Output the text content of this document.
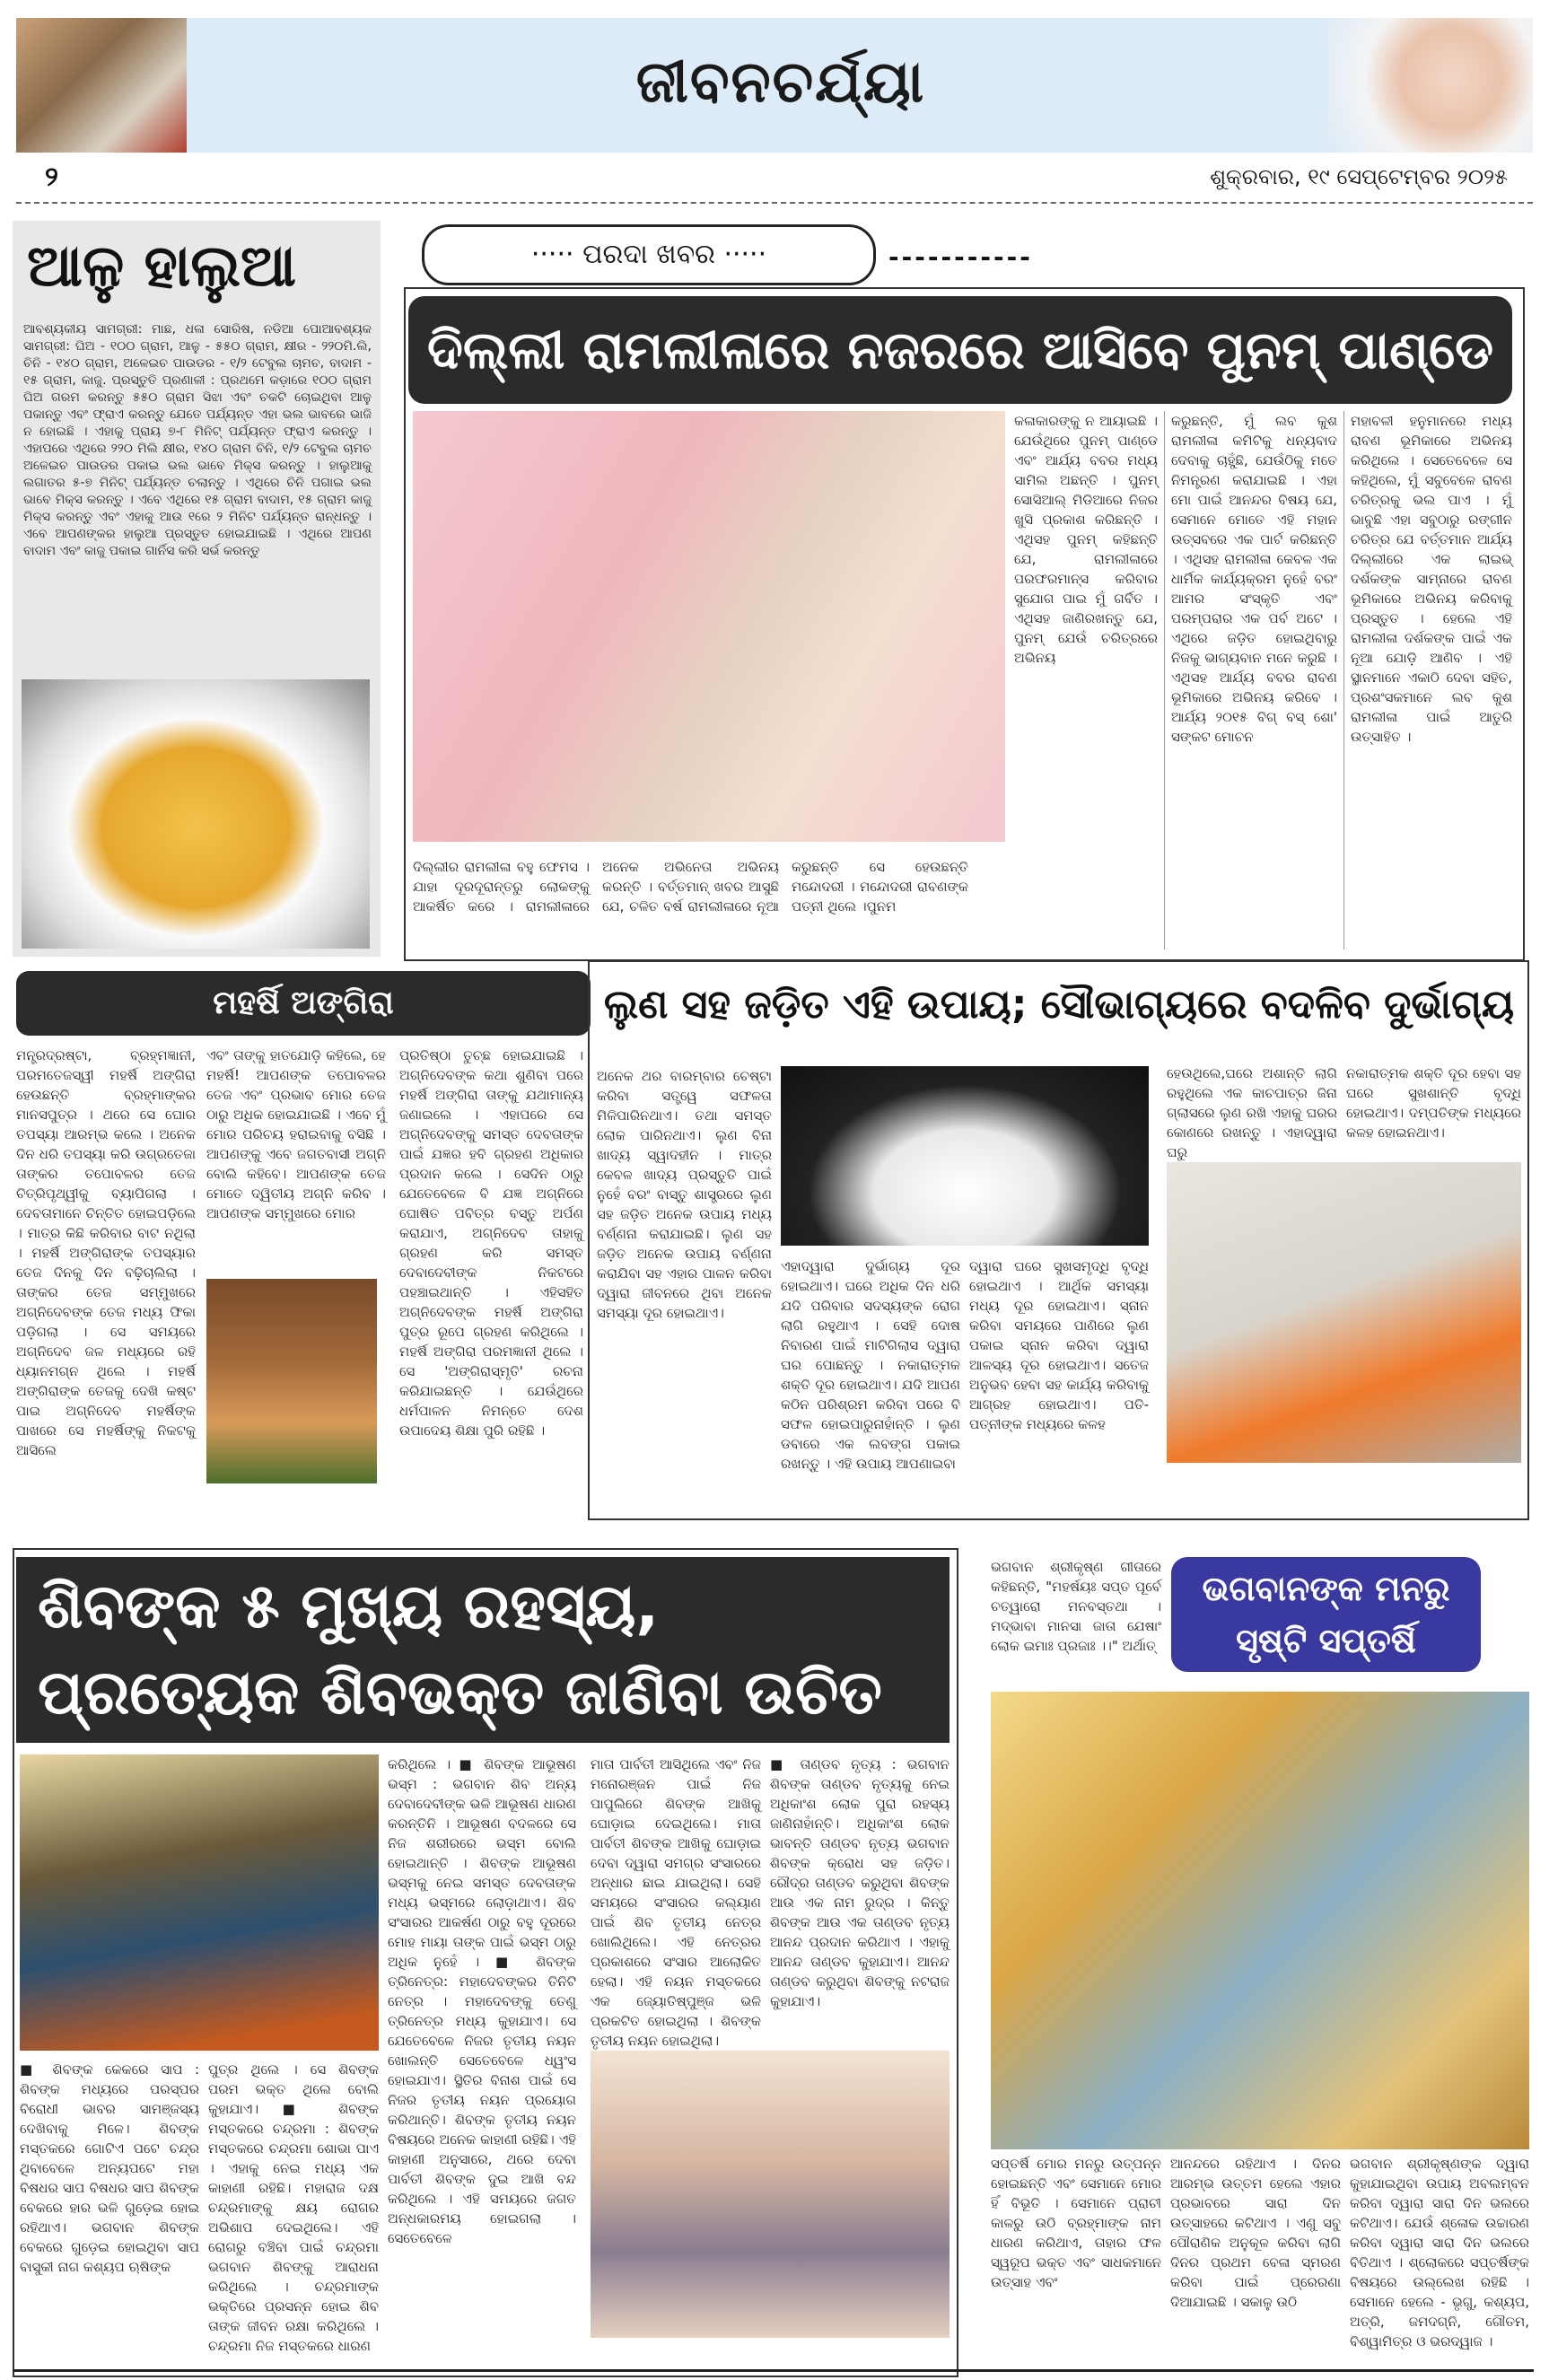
ଜୀବନଚର୍ଯ୍ୟା
୨	ଶୁକ୍ରବାର, ୧୯ ସେପ୍ଟେମ୍ବର ୨୦୨୫
ଆଳୁ ହାଲୁଆ
ଆବଶ୍ୟକୀୟ ସାମଗ୍ରୀ: ମାଛ, ଧଳା ସୋରିଷ, ନଡିଆ ପୋଆବଶ୍ୟକ ସାମଗ୍ରୀ: ଘିଅ - ୧୦୦ ଗ୍ରାମ, ଆଳୁ - ୫୫୦ ଗ୍ରାମ, କ୍ଷୀର - ୨୨୦ମି.ଲି, ଚିନି - ୧୪୦ ଗ୍ରାମ, ଅଳେଇଚ ପାଉଡର - ୧/୨ ଟେବୁଲ ଚାମଚ, ବାଦାମ - ୧୫ ଗ୍ରାମ, କାଜୁ. ପ୍ରସ୍ତୁତି ପ୍ରଣାଳୀ : ପ୍ରଥମେ କଡ଼ାରେ ୧୦୦ ଗ୍ରାମ ଘିଅ ଗରମ କରନ୍ତୁ ୫୫୦ ଗ୍ରାମ ସିଝା ଏବଂ ଚକଟି ଚୋଇଥିବା ଆଳୁ ପକାନ୍ତୁ ଏବଂ ଫ୍ରାଏ କରନ୍ତୁ ଯେତେ ପର୍ଯ୍ୟନ୍ତ ଏହା ଭଲ ଭାବରେ ଭାଜି ନ ହୋଇଛି । ଏହାକୁ ପ୍ରାୟ ୭-୮ ମିନିଟ୍ ପର୍ଯ୍ୟନ୍ତ ଫ୍ରାଏ କରନ୍ତୁ । ଏହାପରେ ଏଥିରେ ୨୨୦ ମିଲି କ୍ଷୀର, ୧୪୦ ଗ୍ରାମ ଚିନି, ୧/୨ ଟେବୁଲ ଚାମଚ ଅଳେଇଚ ପାଉଡର ପକାଇ ଭଲ ଭାବେ ମିକ୍ସ କରନ୍ତୁ । ହାଲୁଆକୁ ଲଗାତର ୫-୭ ମିନିଟ୍ ପର୍ଯ୍ୟନ୍ତ ଚଲାନ୍ତୁ । ଏଥିରେ ଚିନି ପଗାଇ ଭଲ ଭାବେ ମିକ୍ସ କରନ୍ତୁ । ଏବେ ଏଥିରେ ୧୫ ଗ୍ରାମ ବାଦାମ, ୧୫ ଗ୍ରାମ କାଜୁ ମିକ୍ସ କରନ୍ତୁ ଏବଂ ଏହାକୁ ଆଉ ୧ରେ ୨ ମିନିଟ ପର୍ଯ୍ୟନ୍ତ ରାନ୍ଧନ୍ତୁ । ଏବେ ଆପଣଙ୍କର ହାଲୁଆ ପ୍ରସ୍ତୁତ ହୋଇଯାଇଛି । ଏଥିରେ ଆପଣ ବାଦାମ ଏବଂ କାଜୁ ପକାଇ ଗାର୍ନିସ କରି ସର୍ଭ କରନ୍ତୁ
····· ପରଦା ଖବର ·····	-----------
ଦିଲ୍ଲୀ ରାମଲୀଳାରେ ନଜରରେ ଆସିବେ ପୁନମ୍ ପାଣ୍ଡେ
କଳାକାରଙ୍କୁ ନ ଆୟାଇଛି । ଯେଉଁଥିରେ ପୁନମ୍ ପାଣ୍ଡେ ଏବଂ ଆର୍ଯ୍ୟ ବବର ମଧ୍ୟ ସାମିଲ ଅଛନ୍ତି । ପୁନମ୍ ସୋସିଆଲ୍ ମିଡିଆରେ ନିଜର ଖୁସି ପ୍ରକାଶ କରିଛନ୍ତି । ଏଥିସହ ପୁନମ୍ କହିଛନ୍ତି ଯେ, ରାମଲୀଳାରେ ପରଫରମାନ୍ସ କରିବାର ସୁଯୋଗ ପାଇ ମୁଁ ଗର୍ବିତ । ଏଥିସହ ଜାଣିରଖନ୍ତୁ ଯେ, ପୁନମ୍ ଯେଉଁ ଚରିତ୍ରରେ ଅଭିନୟ
କରୁଛନ୍ତି, ମୁଁ ଲବ କୁଶ ରାମଲୀଳା କମିଟିକୁ ଧନ୍ୟବାଦ ଦେବାକୁ ଚାହୁଁଛି, ଯେଉଁଠିକୁ ମତେ ନିମନ୍ତ୍ରଣ କରାଯାଇଛି । ଏହା ମୋ ପାଇଁ ଆନନ୍ଦର ବିଷୟ ଯେ, ସେମାନେ ମୋତେ ଏହି ମହାନ ଉତ୍ସବରେ ଏକ ପାର୍ଟ କରିଛନ୍ତି । ଏଥିସହ ରାମଲୀଳା କେବଳ ଏକ ଧାର୍ମିକ କାର୍ଯ୍ୟକ୍ରମ ନୁହେଁ ବରଂ ଆମର ସଂସ୍କୃତି ଏବଂ ପରମ୍ପରାର ଏକ ପର୍ବ ଅଟେ । ଏଥିରେ ଜଡ଼ିତ ହୋଇଥିବାରୁ ନିଜକୁ ଭାଗ୍ୟବାନ ମନେ କରୁଛି । ଏଥିସହ ଆର୍ଯ୍ୟ ବବର ରାବଣ ଭୂମିକାରେ ଅଭିନୟ କରିବେ । ଆର୍ଯ୍ୟ ୨୦୧୫ ବିଗ୍ ବସ୍ ଶୋ' ସଙ୍କଟ ମୋଚନ
ମହାବଳୀ ହନୁମାନରେ ମଧ୍ୟ ରାବଣ ଭୂମିକାରେ ଅଭିନୟ କରିଥିଲେ । ସେତେବେଳେ ସେ କହିଥିଲେ, ମୁଁ ସବୁବେଳେ ରାବଣ ଚରିତ୍ରକୁ ଭଲ ପାଏ । ମୁଁ ଭାବୁଛି ଏହା ସବୁଠାରୁ ରଙ୍ଗୀନ ଚରିତ୍ର ଯେ ବର୍ତ୍ତମାନ ଆର୍ଯ୍ୟ ଦିଲ୍ଲୀରେ ଏକ ଲାଇଭ୍ ଦର୍ଶକଙ୍କ ସାମ୍ନାରେ ରାବଣ ଭୂମିକାରେ ଅଭିନୟ କରିବାକୁ ପ୍ରସ୍ତୁତ । ହେଲେ ଏହି ରାମଲୀଳା ଦର୍ଶକଙ୍କ ପାଇଁ ଏକ ନୂଆ ଯୋଡ଼ି ଆଣିବ । ଏହି ସ୍ଥାନମାନେ ଏକାଠି ଦେବା ସହିତ, ପ୍ରଶଂସକମାନେ ଲବ କୁଶ ରାମଲୀଳା ପାଇଁ ଆତୁରି ଉତ୍ସାହିତ ।
ଦିଲ୍ଲୀର ରାମଲୀଳା ବହୁ ଫେମସ । ଯାହା ଦୂରଦୂରାନ୍ତରୁ ଲୋକଙ୍କୁ ଆକର୍ଷିତ କରେ । ରାମଲୀଳାରେ ଅନେକ ଅଭିନେତା ଅଭିନୟ କରନ୍ତି । ବର୍ତ୍ତମାନ୍ ଖବର ଆସୁଛି ଯେ, ଚଳିତ ବର୍ଷ ରାମଲୀଳାରେ ନୂଆ କରୁଛନ୍ତି ସେ ହେଉଛନ୍ତି ମନ୍ଦୋଦରୀ । ମନ୍ଦୋଦରୀ ରାବଣଙ୍କ ପତ୍ନୀ ଥିଲେ ।ପୁନମ
ମହର୍ଷି ଅଙ୍ଗିରା
ମନ୍ତ୍ରଦ୍ରଷ୍ଟା, ବ୍ରହ୍ମଜ୍ଞାନୀ, ପରମତେଜସ୍ୱୀ ମହର୍ଷି ଅଙ୍ଗିରା ହେଉଛନ୍ତି ବ୍ରହ୍ମାଙ୍କର ମାନସପୁତ୍ର । ଥରେ ସେ ଘୋର ତପସ୍ୟା ଆରମ୍ଭ କଲେ । ଅନେକ ଦିନ ଧରି ତପସ୍ୟା କରି ଉଗ୍ରତେଜା ତାଙ୍କର ତପୋବଳର ତେଜ ଚିତ୍ରିପୃଥ୍ୱୀକୁ ବ୍ୟାପିଗଲା । ଦେବତାମାନେ ଚିନ୍ତିତ ହୋଇପଡ଼ିଲେ । ମାତ୍ର କିଛି କରିବାର ବାଟ ନଥିଲା । ମହର୍ଷି ଅଙ୍ଗିରାଙ୍କ ତପସ୍ୟାର ତେଜ ଦିନକୁ ଦିନ ବଢ଼ିଚାଲିଲା । ତାଙ୍କର ତେଜ ସମ୍ମୁଖରେ ଅଗ୍ନିଦେବଙ୍କ ତେଜ ମଧ୍ୟ ଫିକା ପଡ଼ିଗଲା । ସେ ସମୟରେ ଅଗ୍ନିଦେବ ଜଳ ମଧ୍ୟରେ ରହି ଧ୍ୟାନମଗ୍ନ ଥିଲେ । ମହର୍ଷି ଅଙ୍ଗିରାଙ୍କ ତେଜକୁ ଦେଖି କଷ୍ଟ ପାଇ ଅଗ୍ନିଦେବ ମହର୍ଷିଙ୍କ ପାଖରେ ସେ ମହର୍ଷିଙ୍କୁ ନିକଟକୁ ଆସିଲେ
ଏବଂ ତାଙ୍କୁ ହାତଯୋଡ଼ି କହିଲେ, ହେ ମହର୍ଷି! ଆପଣଙ୍କ ତପୋବଳର ତେଜ ଏବଂ ପ୍ରଭାବ ମୋର ତେଜ ଠାରୁ ଅଧିକ ହୋଇଯାଇଛି । ଏବେ ମୁଁ ମୋର ପରିଚୟ ହରାଇବାକୁ ବସିଛି । ଆପଣଙ୍କୁ ଏବେ ଜଗତବାସୀ ଅଗ୍ନି ବୋଲି କହିବେ। ଆପଣଙ୍କ ତେଜ ମୋତେ ଦ୍ୱିତୀୟ ଅଗ୍ନି କରିବ । ଆପଣଙ୍କ ସମ୍ମୁଖରେ ମୋର
ପ୍ରତିଷ୍ଠା ତୁଚ୍ଛ ହୋଇଯାଇଛି । ଅଗ୍ନିଦେବଙ୍କ କଥା ଶୁଣିବା ପରେ ମହର୍ଷି ଅଙ୍ଗିରା ତାଙ୍କୁ ଯଥାମାନ୍ୟ ଜଣାଇଲେ । ଏହାପରେ ସେ ଅଗ୍ନିଦେବଙ୍କୁ ସମସ୍ତ ଦେବତାଙ୍କ ପାଇଁ ଯଜ୍ଞର ହବି ଗ୍ରହଣ ଅଧିକାର ପ୍ରଦାନ କଲେ । ସେଦିନ ଠାରୁ ଯେତେବେଳେ ବି ଯଜ୍ଞ ଅଗ୍ନିରେ ଘୋଷିତ ପବିତ୍ର ବସ୍ତୁ ଅର୍ପଣ କରାଯାଏ, ଅଗ୍ନିଦେବ ତାହାକୁ ଗ୍ରହଣ କରି ସମସ୍ତ ଦେବାଦେବୀଙ୍କ ନିକଟରେ ପହଞ୍ଚାଇଥାନ୍ତି । ଏହିସହିତ ଅଗ୍ନିଦେବଙ୍କ ମହର୍ଷି ଅଙ୍ଗିରା ପୁତ୍ର ରୂପେ ଗ୍ରହଣ କରିଥିଲେ । ମହର୍ଷି ଅଙ୍ଗିରା ପରମଜ୍ଞାନୀ ଥିଲେ । ସେ 'ଅଙ୍ଗିରାସ୍ମୃତି' ରଚନା କରିଯାଇଛନ୍ତି । ଯେଉଁଥିରେ ଧର୍ମପାଳନ ନିମନ୍ତେ ଦେଶ ଉପାଦେୟ ଶିକ୍ଷା ପୁରି ରହିଛି ।
ଲୁଣ ସହ ଜଡ଼ିତ ଏହି ଉପାୟ; ସୌଭାଗ୍ୟରେ ବଦଳିବ ଦୁର୍ଭାଗ୍ୟ
ଅନେକ ଥର ବାରମ୍ବାର ଚେଷ୍ଟା କରିବା ସତ୍ତ୍ୱେ ସଫଳତା ମିଳିପାରିନଥାଏ। ତଥା ସମସ୍ତ ଲୋକ ପାରିନଥାଏ। ଲୁଣ ବିନା ଖାଦ୍ୟ ସ୍ୱାଦହୀନ । ମାତ୍ର କେବଳ ଖାଦ୍ୟ ପ୍ରସ୍ତୁତି ପାଇଁ ନୁହେଁ ବରଂ ବାସ୍ତୁ ଶାସ୍ତ୍ରରେ ଲୁଣ ସହ ଜଡ଼ିତ ଅନେକ ଉପାୟ ମଧ୍ୟ ବର୍ଣ୍ଣନା କରାଯାଇଛି। ଲୁଣ ସହ ଜଡ଼ିତ ଅନେକ ଉପାୟ ବର୍ଣ୍ଣନା କରାଯିବା ସହ ଏହାର ପାଳନ କରିବା ଦ୍ୱାରା ଜୀବନରେ ଥିବା ଅନେକ ସମସ୍ୟା ଦୂର ହୋଇଥାଏ।
ଏହାଦ୍ୱାରା ଦୁର୍ଭାଗ୍ୟ ଦୂର ହୋଇଥାଏ। ଘରେ ଅଧିକ ଦିନ ଧରି ଯଦି ପରିବାର ସଦସ୍ୟଙ୍କ ରୋଗ ଲାଗି ରହୁଥାଏ । ସେହି ଦୋଷ ନିବାରଣ ପାଇଁ ମାଟିଗିଲାସ ଦ୍ୱାରା ଘର ପୋଛନ୍ତୁ । ନକାରାତ୍ମକ ଶକ୍ତି ଦୂର ହୋଇଥାଏ। ଯଦି ଆପଣ କଠିନ ପରିଶ୍ରମ କରିବା ପରେ ବି ସଫଳ ହୋଇପାରୁନାହାଁନ୍ତି । ଲୁଣ ଡବାରେ ଏକ ଲବଙ୍ଗ ପକାଇ ରଖନ୍ତୁ । ଏହି ଉପାୟ ଆପଣାଇବା
ଦ୍ୱାରା ଘରେ ସୁଖସମୃଦ୍ଧି ବୃଦ୍ଧି ହୋଇଥାଏ । ଆର୍ଥିକ ସମସ୍ୟା ମଧ୍ୟ ଦୂର ହୋଇଥାଏ। ସ୍ନାନ କରିବା ସମୟରେ ପାଣିରେ ଲୁଣ ପକାଇ ସ୍ନାନ କରିବା ଦ୍ୱାରା ଆଳସ୍ୟ ଦୂର ହୋଇଥାଏ। ସତେଜ ଅନୁଭବ ହେବା ସହ କାର୍ଯ୍ୟ କରିବାକୁ ଆଗ୍ରହ ହୋଇଥାଏ। ପତି-ପତ୍ନୀଙ୍କ ମଧ୍ୟରେ କଳହ
ହେଉଥିଲେ,ଘରେ ଅଶାନ୍ତି ଲାଗି ରହୁଥିଲେ ଏକ କାଚପାତ୍ର ଜିନା ଗ୍ଲାସରେ ଲୁଣ ରଖି ଏହାକୁ ଘରର କୋଣରେ ରଖନ୍ତୁ । ଏହାଦ୍ୱାରା ଘରୁ
ନକାରାତ୍ମକ ଶକ୍ତି ଦୂର ହେବା ସହ ଘରେ ସୁଖଶାନ୍ତି ବୃଦ୍ଧି ହୋଇଥାଏ। ଦମ୍ପତିଙ୍କ ମଧ୍ୟରେ କଳହ ହୋଇନଥାଏ।
ଶିବଙ୍କ ୫ ମୁଖ୍ୟ ରହସ୍ୟ, ପ୍ରତ୍ୟେକ ଶିବଭକ୍ତ ଜାଣିବା ଉଚିତ
■ ଶିବଙ୍କ କେକରେ ସାପ : ଶିବଙ୍କ ମଧ୍ୟରେ ପରସ୍ପର ବିରୋଧୀ ଭାବର ସାମଞ୍ଜସ୍ୟ ଦେଖିବାକୁ ମିଳେ। ଶିବଙ୍କ ମସ୍ତକରେ ଗୋଟିଏ ପଟେ ଚନ୍ଦ୍ର ଥିବାବେଳେ ଅନ୍ୟପଟେ ମହା ବିଷଧର ସାପ ବିଷଧର ସାପ ଶିବଙ୍କ ବେକରେ ହାର ଭଳି ଗୁଡ଼େଇ ହୋଇ ରହିଥାଏ। ଭଗବାନ ଶିବଙ୍କ ବେକରେ ଗୁଡ଼େଇ ହୋଇଥିବା ସାପ ବାସୁକୀ ନାଗ କଶ୍ୟପ ଋଷିଙ୍କ
ପୁତ୍ର ଥିଲେ । ସେ ଶିବଙ୍କ ପରମ ଭକ୍ତ ଥିଲେ ବୋଲି କୁହାଯାଏ। ■ ଶିବଙ୍କ ମସ୍ତକରେ ଚନ୍ଦ୍ରମା : ଶିବଙ୍କ ମସ୍ତକରେ ଚନ୍ଦ୍ରମା ଶୋଭା ପାଏ । ଏହାକୁ ନେଇ ମଧ୍ୟ ଏକ କାହାଣୀ ରହିଛି। ମହାରାଜ ଦକ୍ଷ ଚନ୍ଦ୍ରମାଙ୍କୁ କ୍ଷୟ ରୋଗର ଅଭିଶାପ ଦେଇଥିଲେ। ଏହି ରୋଗରୁ ବଞ୍ଚିବା ପାଇଁ ଚନ୍ଦ୍ରମା ଭଗବାନ ଶିବଙ୍କୁ ଆରାଧନା କରିଥିଲେ । ଚନ୍ଦ୍ରମାଙ୍କ ଭକ୍ତିରେ ପ୍ରସନ୍ନ ହୋଇ ଶିବ ତାଙ୍କ ଜୀବନ ରକ୍ଷା କରିଥିଲେ । ଚନ୍ଦ୍ରମା ନିଜ ମସ୍ତକରେ ଧାରଣ
କରିଥିଲେ । ■ ଶିବଙ୍କ ଆଭୂଷଣ ଭସ୍ମ : ଭଗବାନ ଶିବ ଅନ୍ୟ ଦେବାଦେବୀଙ୍କ ଭଳି ଆଭୂଷଣ ଧାରଣ କରନ୍ତିନି । ଆଭୂଷଣ ବଦଳରେ ସେ ନିଜ ଶରୀରରେ ଭସ୍ମ ବୋଲି ହୋଇଥାନ୍ତି । ଶିବଙ୍କ ଆଭୂଷଣ ଭସ୍ମକୁ ନେଇ ସମସ୍ତ ଦେବତାଙ୍କ ମଧ୍ୟ ଭସ୍ମରେ ଲୋଡ଼ାଥାଏ। ଶିବ ସଂସାରର ଆକର୍ଷଣ ଠାରୁ ବହୁ ଦୂରରେ ମୋହ ମାୟା ତାଙ୍କ ପାଇଁ ଭସ୍ମ ଠାରୁ ଅଧିକ ନୁହେଁ । ■ ଶିବଙ୍କ ତ୍ରିନେତ୍ର: ମହାଦେବଙ୍କର ତିନିଟି ନେତ୍ର । ମହାଦେବଙ୍କୁ ତେଣୁ ତ୍ରିନେତ୍ର ମଧ୍ୟ କୁହାଯାଏ। ସେ ଯେତେବେଳେ ନିଜର ତୃତୀୟ ନୟନ ଖୋଲନ୍ତି ସେତେବେଳେ ଧ୍ୱଂସ ହୋଇଯାଏ। ସ୍ଥିତିର ବିନାଶ ପାଇଁ ସେ ନିଜର ତୃତୀୟ ନୟନ ପ୍ରୟୋଗ କରିଥାନ୍ତି। ଶିବଙ୍କ ତୃତୀୟ ନୟନ ବିଷୟରେ ଅନେକ କାହାଣୀ ରହିଛି। ଏହି କାହାଣୀ ଅନୁସାରେ, ଥରେ ଦେବା ପାର୍ବତୀ ଶିବଙ୍କ ଦୁଇ ଆଖି ବନ୍ଦ କରିଥିଲେ । ଏହି ସମୟରେ ଜଗତ ଅନ୍ଧକାରମୟ ହୋଇଗଲା । ସେତେବେଳେ
ମାତା ପାର୍ବତୀ ଆସିଥିଲେ ଏବଂ ନିଜ ମନୋରଞ୍ଜନ ପାଇଁ ନିଜ ପାପୁଲିରେ ଶିବଙ୍କ ଆଖିକୁ ଘୋଡ଼ାଇ ଦେଇଥିଲେ। ମାତା ପାର୍ବତୀ ଶିବଙ୍କ ଆଖିକୁ ଘୋଡ଼ାଇ ଦେବା ଦ୍ୱାରା ସମଗ୍ର ସଂସାରରେ ଅନ୍ଧାର ଛାଇ ଯାଇଥିଲା। ସେହି ସମୟରେ ସଂସାରର କଲ୍ୟାଣ ପାଇଁ ଶିବ ତୃତୀୟ ନେତ୍ର ଖୋଲିଥିଲେ। ଏହି ନେତ୍ରର ପ୍ରକାଶରେ ସଂସାର ଆଲୋକିତ ହେଲା। ଏହି ନୟନ ମସ୍ତକରେ ଏକ ଜ୍ୟୋତିଷ୍ପୁଞ୍ଜ ଭଳି ପ୍ରକଟିତ ହୋଇଥିଲା । ଶିବଙ୍କ ତୃତୀୟ ନୟନ ହୋଇଥିଲା।
■ ତାଣ୍ଡବ ନୃତ୍ୟ : ଭଗବାନ ଶିବଙ୍କ ତାଣ୍ଡବ ନୃତ୍ୟକୁ ନେଇ ଅଧିକାଂଶ ଲୋକ ପୁରା ରହସ୍ୟ ଜାଣିନାହାଁନ୍ତି। ଅଧିକାଂଶ ଲୋକ ଭାବନ୍ତି ତାଣ୍ଡବ ନୃତ୍ୟ ଭଗବାନ ଶିବଙ୍କ କ୍ରୋଧ ସହ ଜଡ଼ିତ। ରୌଦ୍ର ତାଣ୍ଡବ କରୁଥିବା ଶିବଙ୍କ ଆଉ ଏକ ନାମ ରୁଦ୍ର । କିନ୍ତୁ ଶିବଙ୍କ ଆଉ ଏକ ତାଣ୍ଡବ ନୃତ୍ୟ ଆନନ୍ଦ ପ୍ରଦାନ କରିଥାଏ । ଏହାକୁ ଆନନ୍ଦ ତାଣ୍ଡବ କୁହାଯାଏ। ଆନନ୍ଦ ତାଣ୍ଡବ କରୁଥିବା ଶିବଙ୍କୁ ନଟରାଜ କୁହାଯାଏ।
ଭଗବାନ ଶ୍ରୀକୃଷ୍ଣ ଗୀତାରେ କହିଛନ୍ତି, "ମହର୍ଷୟଃ ସପ୍ତ ପୂର୍ବେ ଚତ୍ୱାରୋ ମନବସ୍ତଥା । ମଦ୍‌ଭାବା ମାନସା ଜାତା ଯେଷାଂ ଲୋକ ଇମାଃ ପ୍ରଜାଃ ।।" ଅର୍ଥାତ୍
ଭଗବାନଙ୍କ ମନରୁ
ସୃଷ୍ଟି ସପ୍ତର୍ଷି
ସପ୍ତର୍ଷି ମୋର ମନରୁ ଉତ୍ପନ୍ନ ହୋଇଛନ୍ତି ଏବଂ ସେମାନେ ମୋର ହିଁ ବିଭୂତି । ସେମାନେ ପ୍ରାଚୀ କାଳରୁ ଉଠି ବ୍ରହ୍ମାଙ୍କ ନାମ ଧାରଣ କରିଥାଏ, ତାହାର ଫଳ ସ୍ୱରୂପ ଭକ୍ତ ଏବଂ ସାଧକମାନେ ଉତ୍ସାହ ଏବଂ
ଆନନ୍ଦରେ ରହିଥାଏ । ଦିନର ଆରମ୍ଭ ଉତ୍ତମ ହେଲେ ଏହାର ପ୍ରଭାବରେ ସାରା ଦିନ ଉତ୍ସାହରେ କଟିଥାଏ । ଏଣୁ ସବୁ ପୌରାଣିକ ଅନୁକୂଳ କରିବା ଲାଗି ଦିନର ପ୍ରଥମ ବେଳା ସ୍ମରଣ କରିବା ପାଇଁ ପ୍ରେରଣା ଦିଆଯାଇଛି । ସକାଳୁ ଉଠି
ଭଗବାନ ଶ୍ରୀକୃଷ୍ଣଙ୍କ ଦ୍ୱାରା କୁହାଯାଇଥିବା ଉପାୟ ଅବଲମ୍ବନ କରିବା ଦ୍ୱାରା ସାରା ଦିନ ଭଲରେ କଟିଥାଏ। ଯେଉଁ ଶ୍ଳୋକ ଉଚ୍ଚାରଣ କରିବା ଦ୍ୱାରା ସାରା ଦିନ ଭଲରେ ବିତିଥାଏ । ଶ୍ଲୋକରେ ସପ୍ତର୍ଷିଙ୍କ ବିଷୟରେ ଉଲ୍ଲେଖ ରହିଛି । ସେମାନେ ହେଲେ - ଭୃଗୁ, କଶ୍ୟପ, ଅତ୍ରି, ଜମଦଗ୍ନି, ଗୌତମ, ବିଶ୍ୱାମିତ୍ର ଓ ଭରଦ୍ୱାଜ ।
